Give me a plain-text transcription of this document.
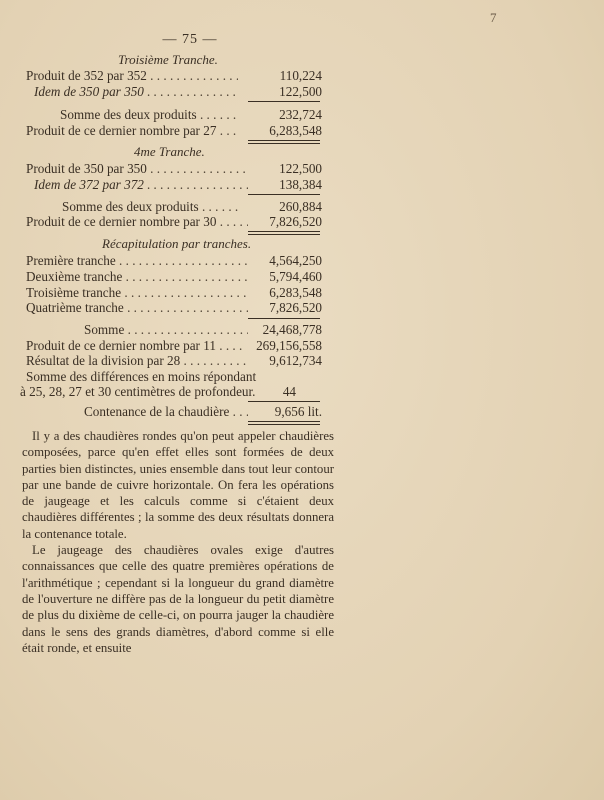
7
— 75 —
Troisième Tranche.
Produit de 352 par 352 . . .	110,224
Idem de 350 par 350 . . .	122,500
Somme des deux produits . . .	232,724
Produit de ce dernier nombre par 27 . . .	6,283,548
4me Tranche.
Produit de 350 par 350 . . .	122,500
Idem de 372 par 372 . . .	138,384
Somme des deux produits . . .	260,884
Produit de ce dernier nombre par 30 . . .	7,826,520
Récapitulation par tranches.
Première tranche . . .	4,564,250
Deuxième tranche . . .	5,794,460
Troisième tranche . . .	6,283,548
Quatrième tranche . . .	7,826,520
Somme . . .	24,468,778
Produit de ce dernier nombre par 11 . . .	269,156,558
Résultat de la division par 28 . . .	9,612,734
Somme des différences en moins répondant
à 25, 28, 27 et 30 centimètres de profondeur.	44
Contenance de la chaudière . . .	9,656 lit.

Il y a des chaudières rondes qu'on peut appeler chaudières composées, parce qu'en effet elles sont formées de deux parties bien distinctes, unies ensemble dans tout leur contour par une bande de cuivre horizontale. On fera les opérations de jaugeage et les calculs comme si c'étaient deux chaudières différentes ; la somme des deux résultats donnera la contenance totale.

Le jaugeage des chaudières ovales exige d'autres connaissances que celle des quatre premières opérations de l'arithmétique ; cependant si la longueur du grand diamètre de l'ouverture ne diffère pas de la longueur du petit diamètre de plus du dixième de celle-ci, on pourra jauger la chaudière dans le sens des grands diamètres, d'abord comme si elle était ronde, et ensuite
